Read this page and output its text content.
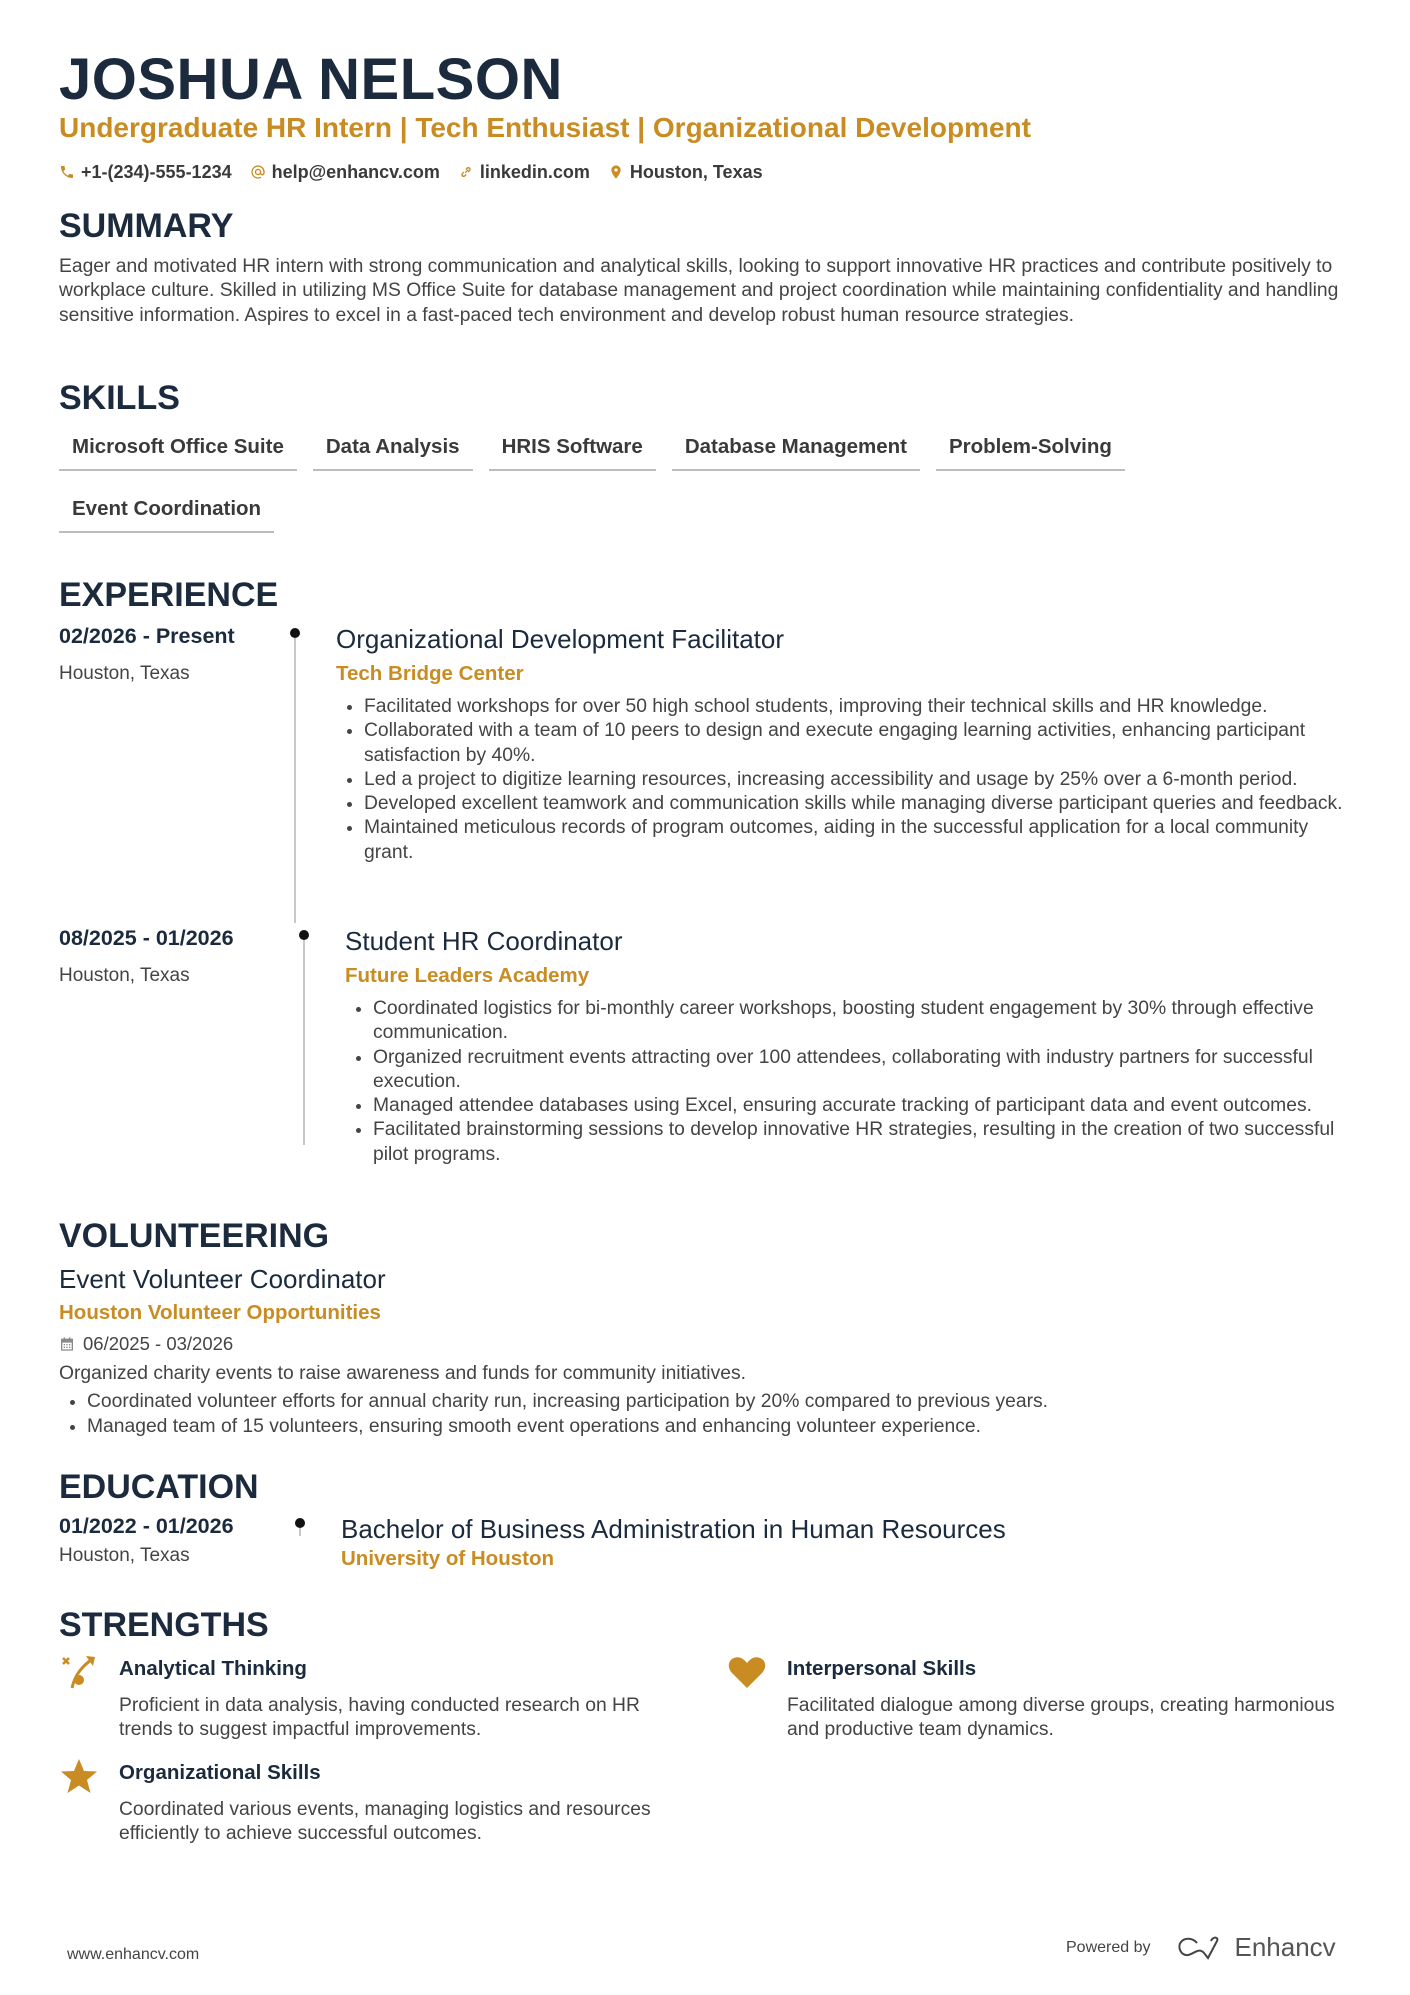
JOSHUA NELSON
Undergraduate HR Intern | Tech Enthusiast | Organizational Development
+1-(234)-555-1234 help@enhancv.com linkedin.com Houston, Texas
SUMMARY
Eager and motivated HR intern with strong communication and analytical skills, looking to support innovative HR practices and contribute positively to workplace culture. Skilled in utilizing MS Office Suite for database management and project coordination while maintaining confidentiality and handling sensitive information. Aspires to excel in a fast-paced tech environment and develop robust human resource strategies.
SKILLS
Microsoft Office Suite	Data Analysis	HRIS Software	Database Management	Problem-Solving
Event Coordination
EXPERIENCE
02/2026 - Present
Houston, Texas
Organizational Development Facilitator
Tech Bridge Center
Facilitated workshops for over 50 high school students, improving their technical skills and HR knowledge.
Collaborated with a team of 10 peers to design and execute engaging learning activities, enhancing participant satisfaction by 40%.
Led a project to digitize learning resources, increasing accessibility and usage by 25% over a 6-month period.
Developed excellent teamwork and communication skills while managing diverse participant queries and feedback.
Maintained meticulous records of program outcomes, aiding in the successful application for a local community grant.
08/2025 - 01/2026
Houston, Texas
Student HR Coordinator
Future Leaders Academy
Coordinated logistics for bi-monthly career workshops, boosting student engagement by 30% through effective communication.
Organized recruitment events attracting over 100 attendees, collaborating with industry partners for successful execution.
Managed attendee databases using Excel, ensuring accurate tracking of participant data and event outcomes.
Facilitated brainstorming sessions to develop innovative HR strategies, resulting in the creation of two successful pilot programs.
VOLUNTEERING
Event Volunteer Coordinator
Houston Volunteer Opportunities
06/2025 - 03/2026
Organized charity events to raise awareness and funds for community initiatives.
Coordinated volunteer efforts for annual charity run, increasing participation by 20% compared to previous years.
Managed team of 15 volunteers, ensuring smooth event operations and enhancing volunteer experience.
EDUCATION
01/2022 - 01/2026
Houston, Texas
Bachelor of Business Administration in Human Resources
University of Houston
STRENGTHS
Analytical Thinking
Proficient in data analysis, having conducted research on HR trends to suggest impactful improvements.
Interpersonal Skills
Facilitated dialogue among diverse groups, creating harmonious and productive team dynamics.
Organizational Skills
Coordinated various events, managing logistics and resources efficiently to achieve successful outcomes.
www.enhancv.com	Powered by	Enhancv
